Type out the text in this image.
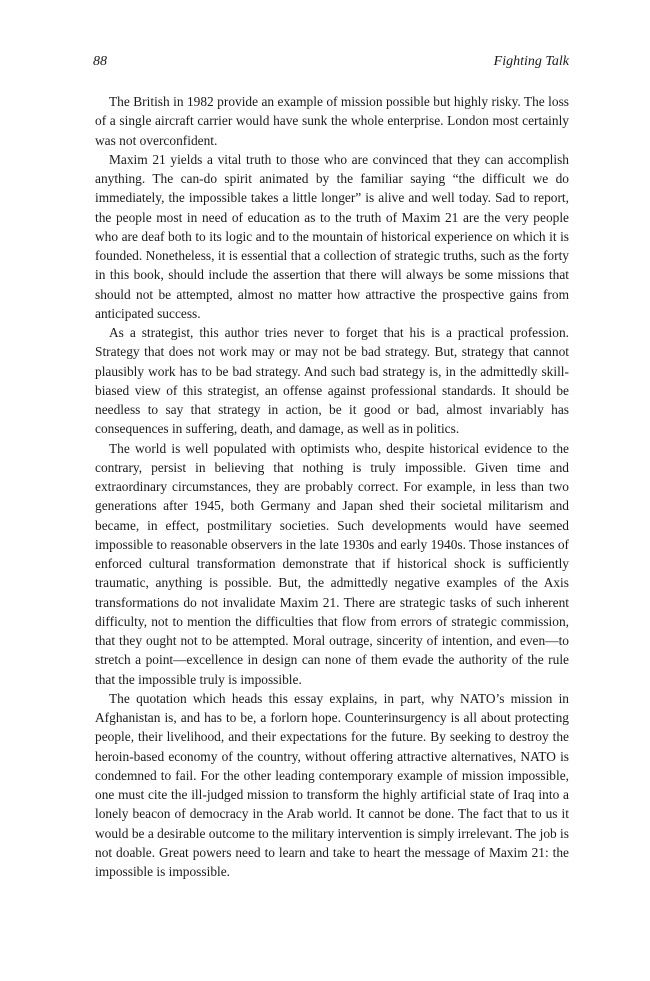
88	Fighting Talk

The British in 1982 provide an example of mission possible but highly risky. The loss of a single aircraft carrier would have sunk the whole enterprise. London most certainly was not overconfident.

Maxim 21 yields a vital truth to those who are convinced that they can accomplish anything. The can-do spirit animated by the familiar saying “the difficult we do immediately, the impossible takes a little longer” is alive and well today. Sad to report, the people most in need of education as to the truth of Maxim 21 are the very people who are deaf both to its logic and to the mountain of historical experience on which it is founded. Nonetheless, it is essential that a collection of strategic truths, such as the forty in this book, should include the assertion that there will always be some missions that should not be attempted, almost no matter how attractive the prospective gains from anticipated success.

As a strategist, this author tries never to forget that his is a practical profession. Strategy that does not work may or may not be bad strategy. But, strategy that cannot plausibly work has to be bad strategy. And such bad strategy is, in the admittedly skill-biased view of this strategist, an offense against professional standards. It should be needless to say that strategy in action, be it good or bad, almost invariably has consequences in suffering, death, and damage, as well as in politics.

The world is well populated with optimists who, despite historical evidence to the contrary, persist in believing that nothing is truly impossible. Given time and extraordinary circumstances, they are probably correct. For example, in less than two generations after 1945, both Germany and Japan shed their societal militarism and became, in effect, postmilitary societies. Such developments would have seemed impossible to reasonable observers in the late 1930s and early 1940s. Those instances of enforced cultural transformation demonstrate that if historical shock is sufficiently traumatic, anything is possible. But, the admittedly negative examples of the Axis transformations do not invalidate Maxim 21. There are strategic tasks of such inherent difficulty, not to mention the difficulties that flow from errors of strategic commission, that they ought not to be attempted. Moral outrage, sincerity of intention, and even—to stretch a point—excellence in design can none of them evade the authority of the rule that the impossible truly is impossible.

The quotation which heads this essay explains, in part, why NATO’s mission in Afghanistan is, and has to be, a forlorn hope. Counterinsurgency is all about protecting people, their livelihood, and their expectations for the future. By seeking to destroy the heroin-based economy of the country, without offering attractive alternatives, NATO is condemned to fail. For the other leading contemporary example of mission impossible, one must cite the ill-judged mission to transform the highly artificial state of Iraq into a lonely beacon of democracy in the Arab world. It cannot be done. The fact that to us it would be a desirable outcome to the military intervention is simply irrelevant. The job is not doable. Great powers need to learn and take to heart the message of Maxim 21: the impossible is impossible.
